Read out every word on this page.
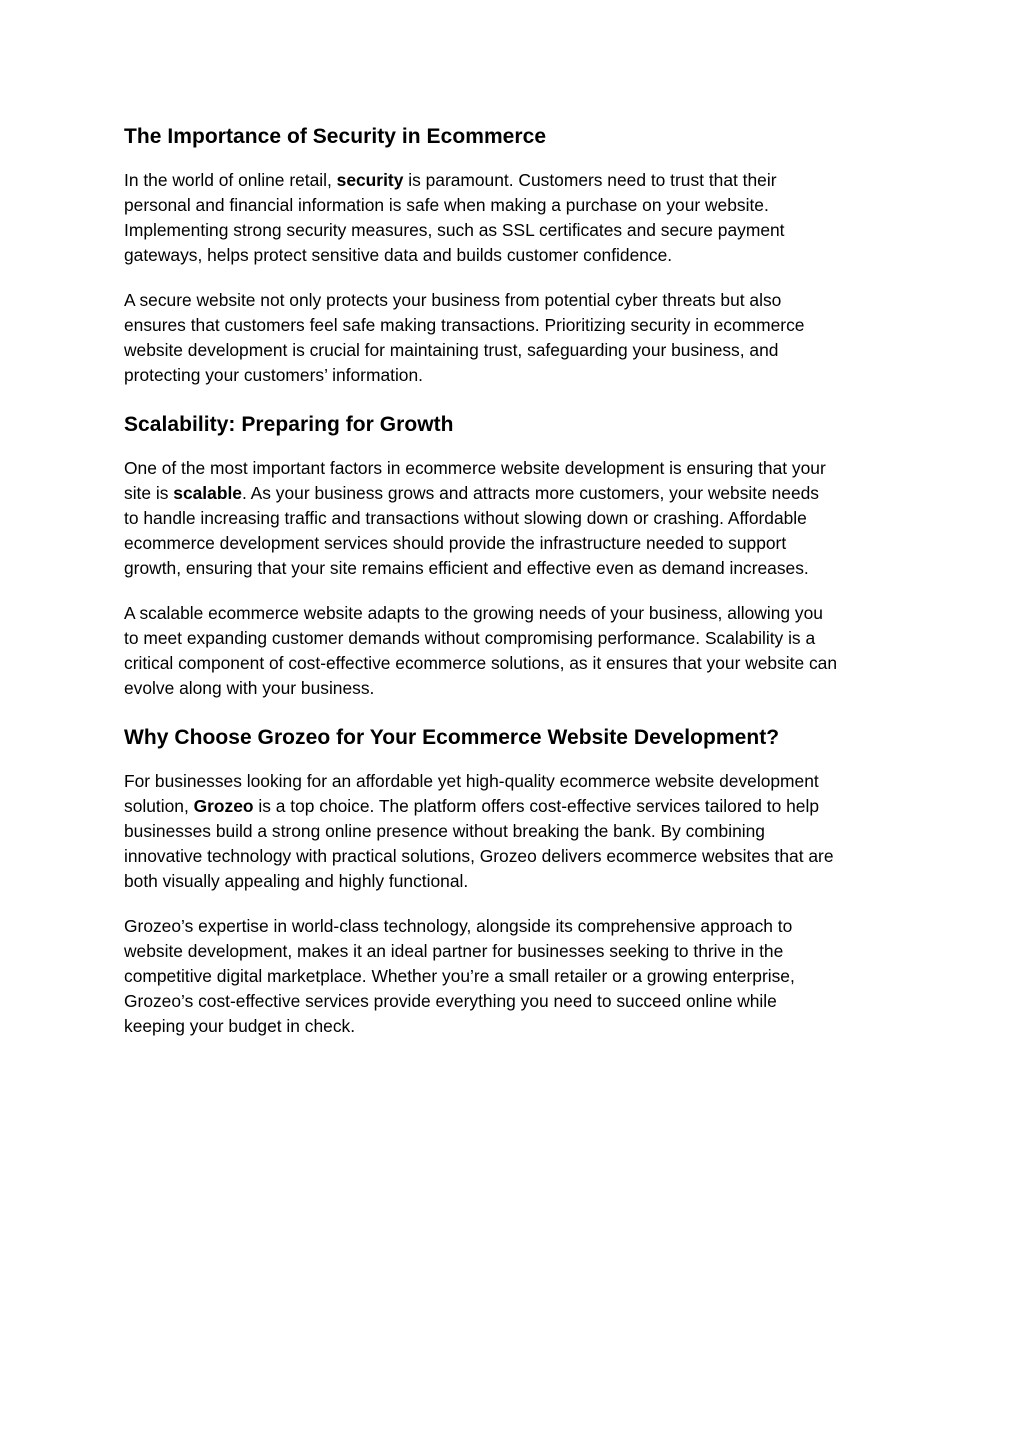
The Importance of Security in Ecommerce

In the world of online retail, security is paramount. Customers need to trust that their
personal and financial information is safe when making a purchase on your website.
Implementing strong security measures, such as SSL certificates and secure payment
gateways, helps protect sensitive data and builds customer confidence.

A secure website not only protects your business from potential cyber threats but also
ensures that customers feel safe making transactions. Prioritizing security in ecommerce
website development is crucial for maintaining trust, safeguarding your business, and
protecting your customers’ information.

Scalability: Preparing for Growth

One of the most important factors in ecommerce website development is ensuring that your
site is scalable. As your business grows and attracts more customers, your website needs
to handle increasing traffic and transactions without slowing down or crashing. Affordable
ecommerce development services should provide the infrastructure needed to support
growth, ensuring that your site remains efficient and effective even as demand increases.

A scalable ecommerce website adapts to the growing needs of your business, allowing you
to meet expanding customer demands without compromising performance. Scalability is a
critical component of cost-effective ecommerce solutions, as it ensures that your website can
evolve along with your business.

Why Choose Grozeo for Your Ecommerce Website Development?

For businesses looking for an affordable yet high-quality ecommerce website development
solution, Grozeo is a top choice. The platform offers cost-effective services tailored to help
businesses build a strong online presence without breaking the bank. By combining
innovative technology with practical solutions, Grozeo delivers ecommerce websites that are
both visually appealing and highly functional.

Grozeo’s expertise in world-class technology, alongside its comprehensive approach to
website development, makes it an ideal partner for businesses seeking to thrive in the
competitive digital marketplace. Whether you’re a small retailer or a growing enterprise,
Grozeo’s cost-effective services provide everything you need to succeed online while
keeping your budget in check.
